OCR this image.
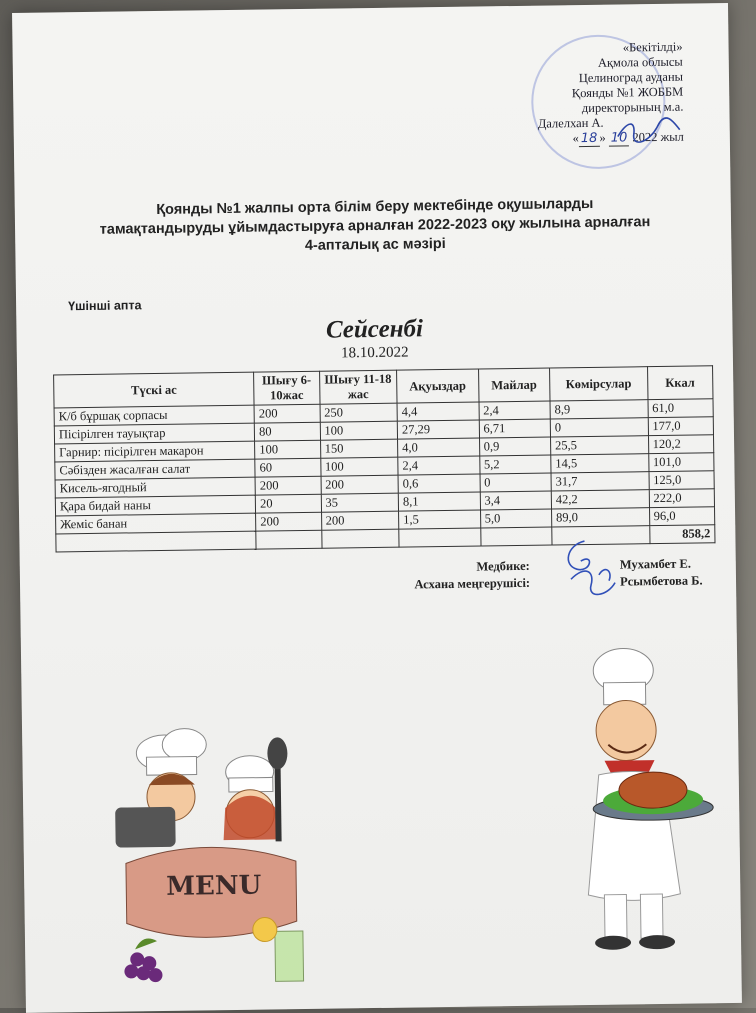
«Бекітілді»
Ақмола облысы
Целиноград ауданы
Қоянды №1 ЖОББМ
директорының м.а.
Далелхан А.
« 18 » 10 2022 жыл
Қоянды №1 жалпы орта білім беру мектебінде оқушыларды
тамақтандыруды ұйымдастыруға арналған 2022-2023 оқу жылына арналған
4-апталық ас мәзірі
Үшінші апта
Сейсенбі
18.10.2022
Түскі ас	Шығу 6-10жас	Шығу 11-18 жас	Ақуыздар	Майлар	Көмірсулар	Ккал
К/б бұршақ сорпасы	200	250	4,4	2,4	8,9	61,0
Пісірілген тауықтар	80	100	27,29	6,71	0	177,0
Гарнир: пісірілген макарон	100	150	4,0	0,9	25,5	120,2
Сәбізден жасалған салат	60	100	2,4	5,2	14,5	101,0
Кисель-ягодный	200	200	0,6	0	31,7	125,0
Қара бидай наны	20	35	8,1	3,4	42,2	222,0
Жеміс банан	200	200	1,5	5,0	89,0	96,0
						858,2
Медбике:	Мухамбет Е.
Асхана меңгерушісі:	Рсымбетова Б.
MENU
